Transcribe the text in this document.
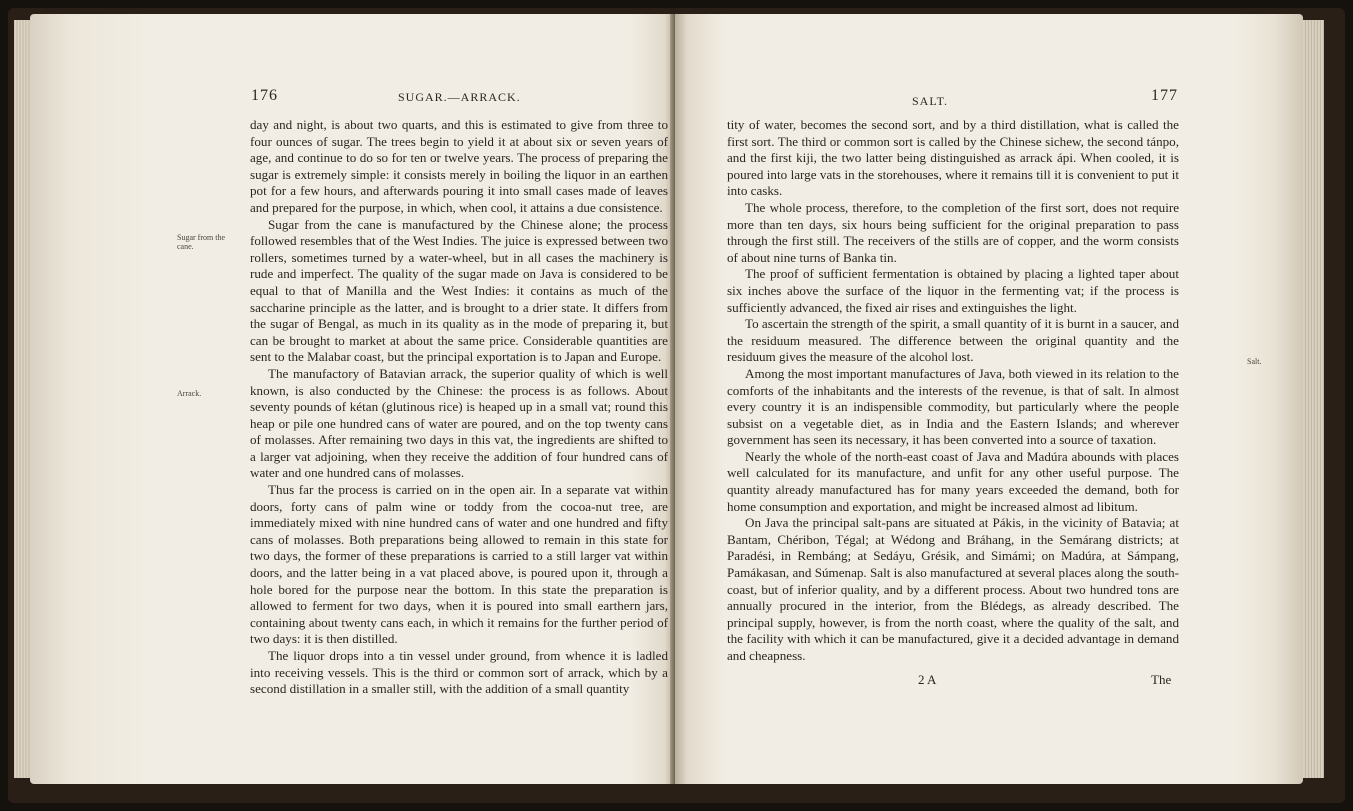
176	SUGAR.—ARRACK.
Sugar from the cane.
Arrack.

day and night, is about two quarts, and this is estimated to give from three to four ounces of sugar. The trees begin to yield it at about six or seven years of age, and continue to do so for ten or twelve years. The process of preparing the sugar is extremely simple: it consists merely in boiling the liquor in an earthen pot for a few hours, and afterwards pouring it into small cases made of leaves and prepared for the purpose, in which, when cool, it attains a due consistence.

Sugar from the cane is manufactured by the Chinese alone; the process followed resembles that of the West Indies. The juice is expressed between two rollers, sometimes turned by a water-wheel, but in all cases the machinery is rude and imperfect. The quality of the sugar made on Java is considered to be equal to that of Manilla and the West Indies: it contains as much of the saccharine principle as the latter, and is brought to a drier state. It differs from the sugar of Bengal, as much in its quality as in the mode of preparing it, but can be brought to market at about the same price. Considerable quantities are sent to the Malabar coast, but the principal exportation is to Japan and Europe.

The manufactory of Batavian arrack, the superior quality of which is well known, is also conducted by the Chinese: the process is as follows. About seventy pounds of kétan (glutinous rice) is heaped up in a small vat; round this heap or pile one hundred cans of water are poured, and on the top twenty cans of molasses. After remaining two days in this vat, the ingredients are shifted to a larger vat adjoining, when they receive the addition of four hundred cans of water and one hundred cans of molasses.

Thus far the process is carried on in the open air. In a separate vat within doors, forty cans of palm wine or toddy from the cocoa-nut tree, are immediately mixed with nine hundred cans of water and one hundred and fifty cans of molasses. Both preparations being allowed to remain in this state for two days, the former of these preparations is carried to a still larger vat within doors, and the latter being in a vat placed above, is poured upon it, through a hole bored for the purpose near the bottom. In this state the preparation is allowed to ferment for two days, when it is poured into small earthern jars, containing about twenty cans each, in which it remains for the further period of two days: it is then distilled.

The liquor drops into a tin vessel under ground, from whence it is ladled into receiving vessels. This is the third or common sort of arrack, which by a second distillation in a smaller still, with the addition of a small quantity

SALT.	177
Salt.

tity of water, becomes the second sort, and by a third distillation, what is called the first sort. The third or common sort is called by the Chinese sichew, the second tánpo, and the first kiji, the two latter being distinguished as arrack ápi. When cooled, it is poured into large vats in the storehouses, where it remains till it is convenient to put it into casks.

The whole process, therefore, to the completion of the first sort, does not require more than ten days, six hours being sufficient for the original preparation to pass through the first still. The receivers of the stills are of copper, and the worm consists of about nine turns of Banka tin.

The proof of sufficient fermentation is obtained by placing a lighted taper about six inches above the surface of the liquor in the fermenting vat; if the process is sufficiently advanced, the fixed air rises and extinguishes the light.

To ascertain the strength of the spirit, a small quantity of it is burnt in a saucer, and the residuum measured. The difference between the original quantity and the residuum gives the measure of the alcohol lost.

Among the most important manufactures of Java, both viewed in its relation to the comforts of the inhabitants and the interests of the revenue, is that of salt. In almost every country it is an indispensible commodity, but particularly where the people subsist on a vegetable diet, as in India and the Eastern Islands; and wherever government has seen its necessary, it has been converted into a source of taxation.

Nearly the whole of the north-east coast of Java and Madúra abounds with places well calculated for its manufacture, and unfit for any other useful purpose. The quantity already manufactured has for many years exceeded the demand, both for home consumption and exportation, and might be increased almost ad libitum.

On Java the principal salt-pans are situated at Pákis, in the vicinity of Batavia; at Bantam, Chéribon, Tégal; at Wédong and Bráhang, in the Semárang districts; at Paradési, in Rembáng; at Sedáyu, Grésik, and Simámi; on Madúra, at Sámpang, Pamákasan, and Súmenap. Salt is also manufactured at several places along the south-coast, but of inferior quality, and by a different process. About two hundred tons are annually procured in the interior, from the Blédegs, as already described. The principal supply, however, is from the north coast, where the quality of the salt, and the facility with which it can be manufactured, give it a decided advantage in demand and cheapness.

2 A	The
